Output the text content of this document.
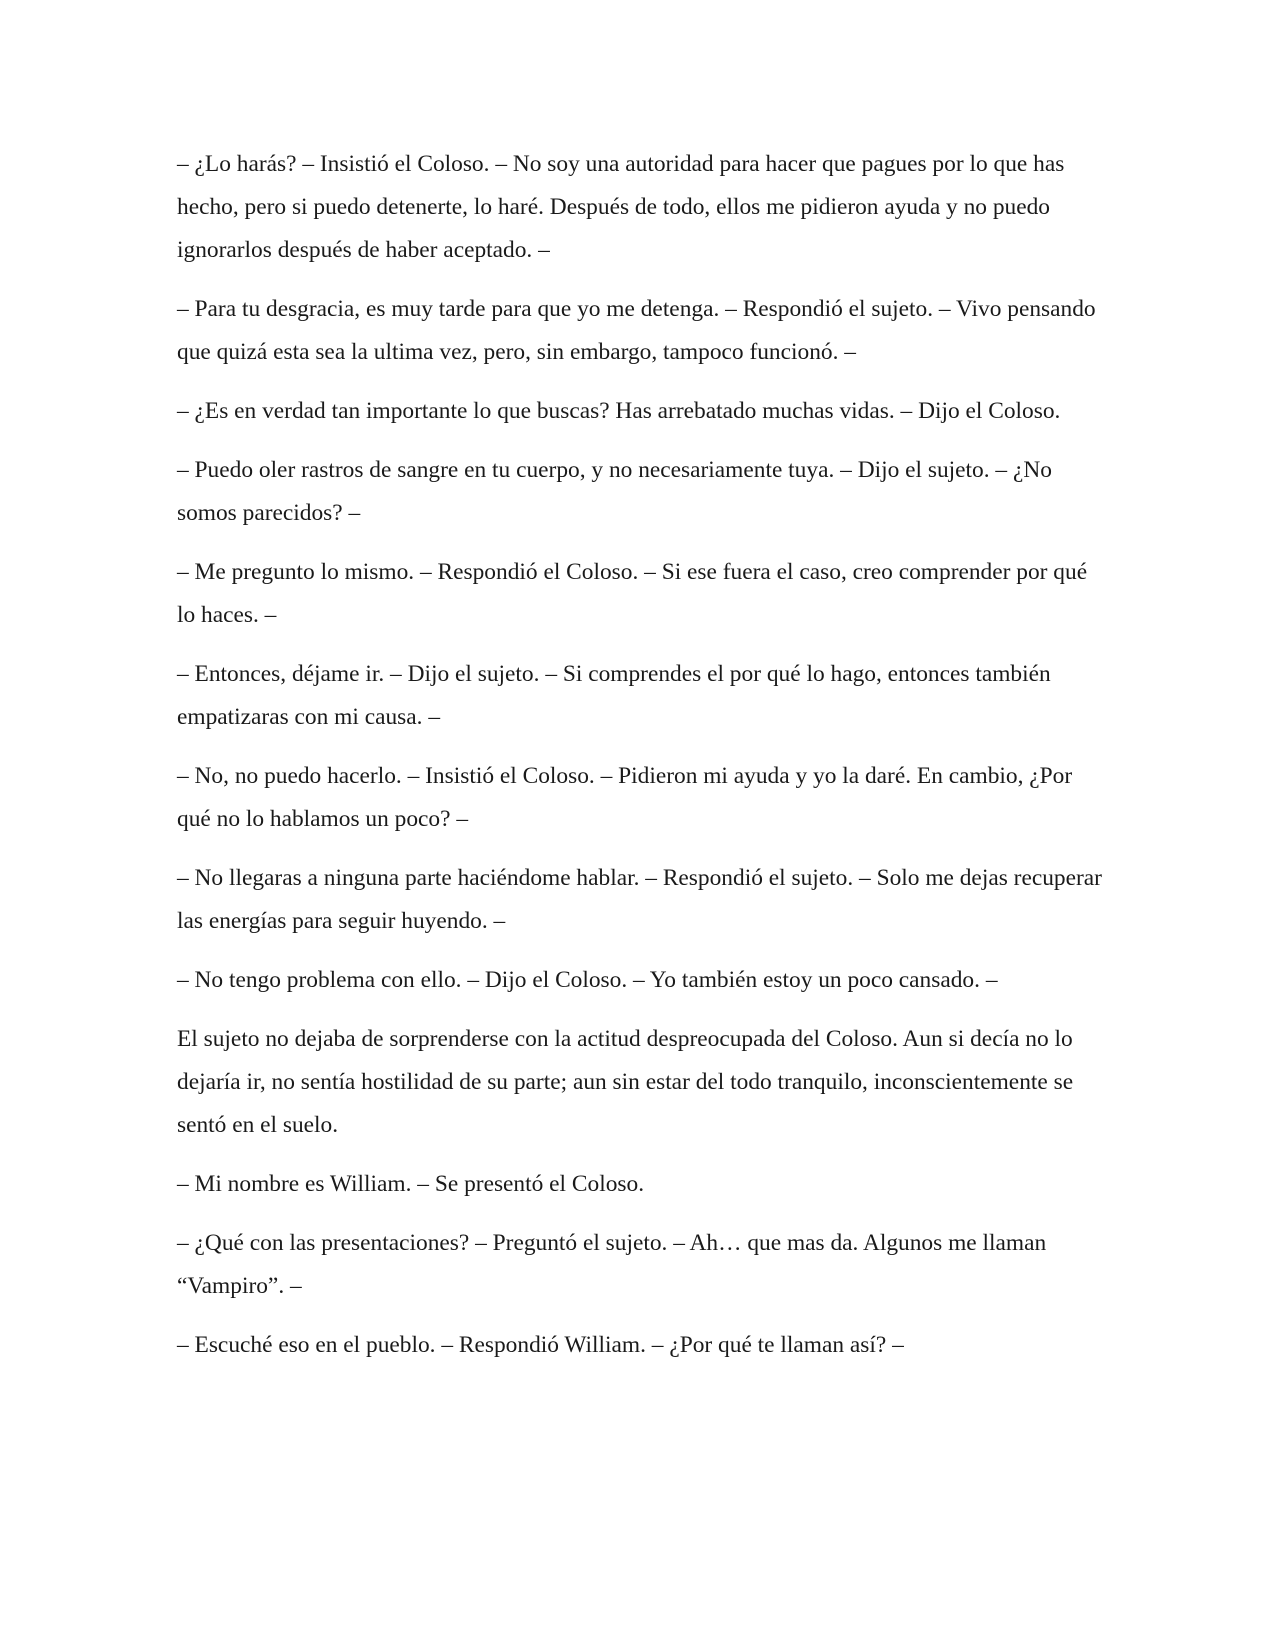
– ¿Lo harás? – Insistió el Coloso. – No soy una autoridad para hacer que pagues por lo que has hecho, pero si puedo detenerte, lo haré. Después de todo, ellos me pidieron ayuda y no puedo ignorarlos después de haber aceptado. –

– Para tu desgracia, es muy tarde para que yo me detenga. – Respondió el sujeto. – Vivo pensando que quizá esta sea la ultima vez, pero, sin embargo, tampoco funcionó. –

– ¿Es en verdad tan importante lo que buscas? Has arrebatado muchas vidas. – Dijo el Coloso.

– Puedo oler rastros de sangre en tu cuerpo, y no necesariamente tuya. – Dijo el sujeto. – ¿No somos parecidos? –

– Me pregunto lo mismo. – Respondió el Coloso. – Si ese fuera el caso, creo comprender por qué lo haces. –

– Entonces, déjame ir. – Dijo el sujeto. – Si comprendes el por qué lo hago, entonces también empatizaras con mi causa. –

– No, no puedo hacerlo. – Insistió el Coloso. – Pidieron mi ayuda y yo la daré. En cambio, ¿Por qué no lo hablamos un poco? –

– No llegaras a ninguna parte haciéndome hablar. – Respondió el sujeto. – Solo me dejas recuperar las energías para seguir huyendo. –

– No tengo problema con ello. – Dijo el Coloso. – Yo también estoy un poco cansado. –

El sujeto no dejaba de sorprenderse con la actitud despreocupada del Coloso. Aun si decía no lo dejaría ir, no sentía hostilidad de su parte; aun sin estar del todo tranquilo, inconscientemente se sentó en el suelo.

– Mi nombre es William. – Se presentó el Coloso.

– ¿Qué con las presentaciones? – Preguntó el sujeto. – Ah… que mas da. Algunos me llaman “Vampiro”. –

– Escuché eso en el pueblo. – Respondió William. – ¿Por qué te llaman así? –
